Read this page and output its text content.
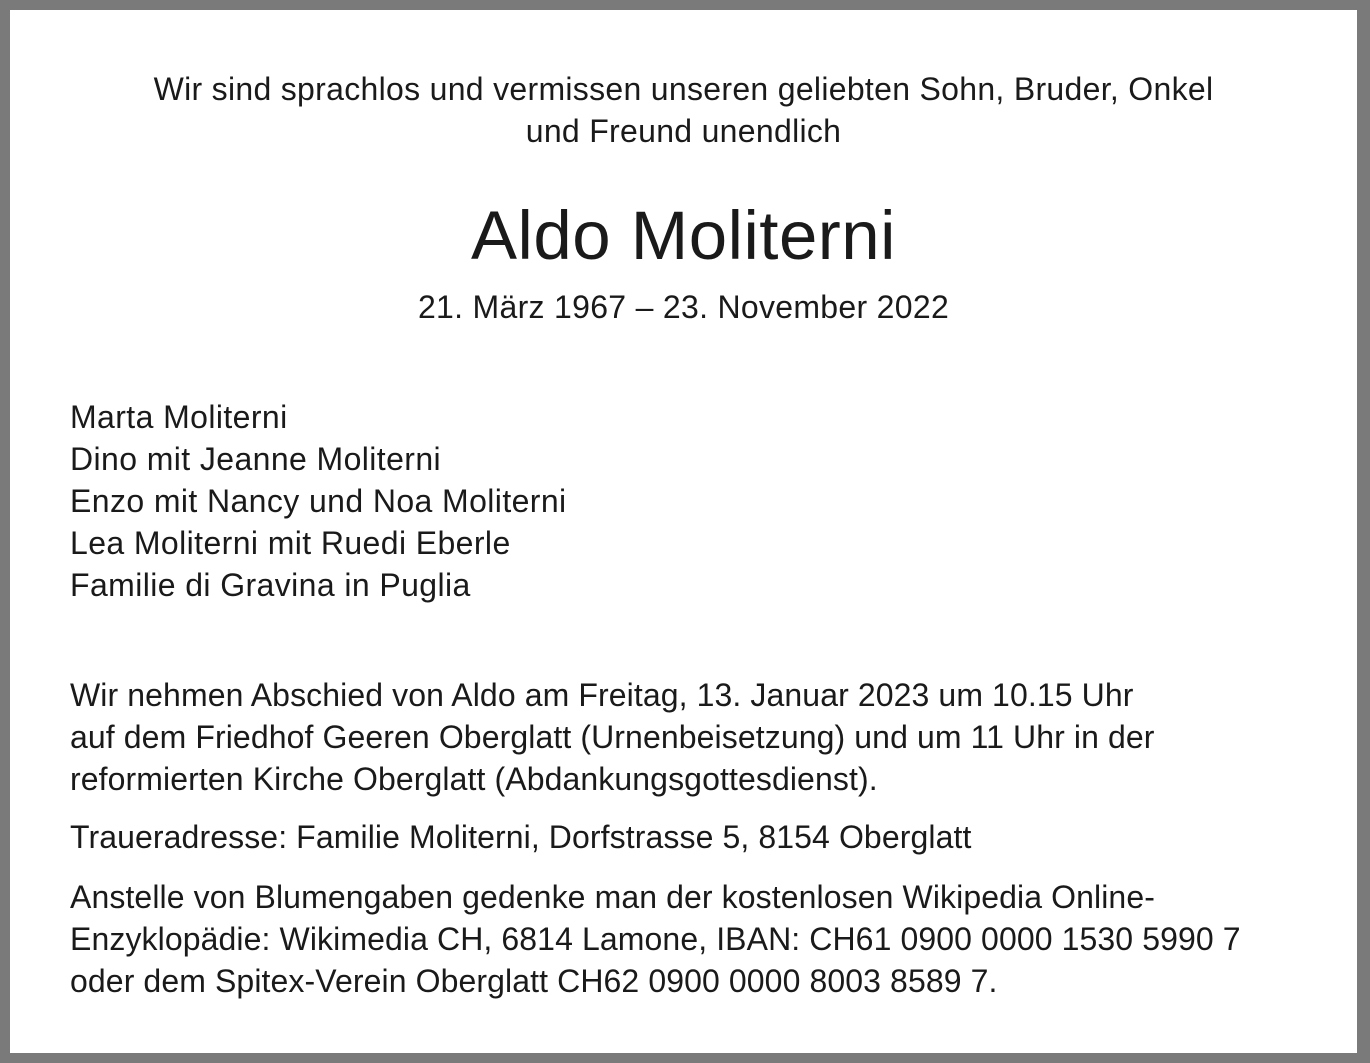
Wir sind sprachlos und vermissen unseren geliebten Sohn, Bruder, Onkel
und Freund unendlich
Aldo Moliterni
21. März 1967 – 23. November 2022
Marta Moliterni
Dino mit Jeanne Moliterni
Enzo mit Nancy und Noa Moliterni
Lea Moliterni mit Ruedi Eberle
Familie di Gravina in Puglia
Wir nehmen Abschied von Aldo am Freitag, 13. Januar 2023 um 10.15 Uhr
auf dem Friedhof Geeren Oberglatt (Urnenbeisetzung) und um 11 Uhr in der
reformierten Kirche Oberglatt (Abdankungsgottesdienst).
Traueradresse: Familie Moliterni, Dorfstrasse 5, 8154 Oberglatt
Anstelle von Blumengaben gedenke man der kostenlosen Wikipedia Online-
Enzyklopädie: Wikimedia CH, 6814 Lamone, IBAN: CH61 0900 0000 1530 5990 7
oder dem Spitex-Verein Oberglatt CH62 0900 0000 8003 8589 7.
